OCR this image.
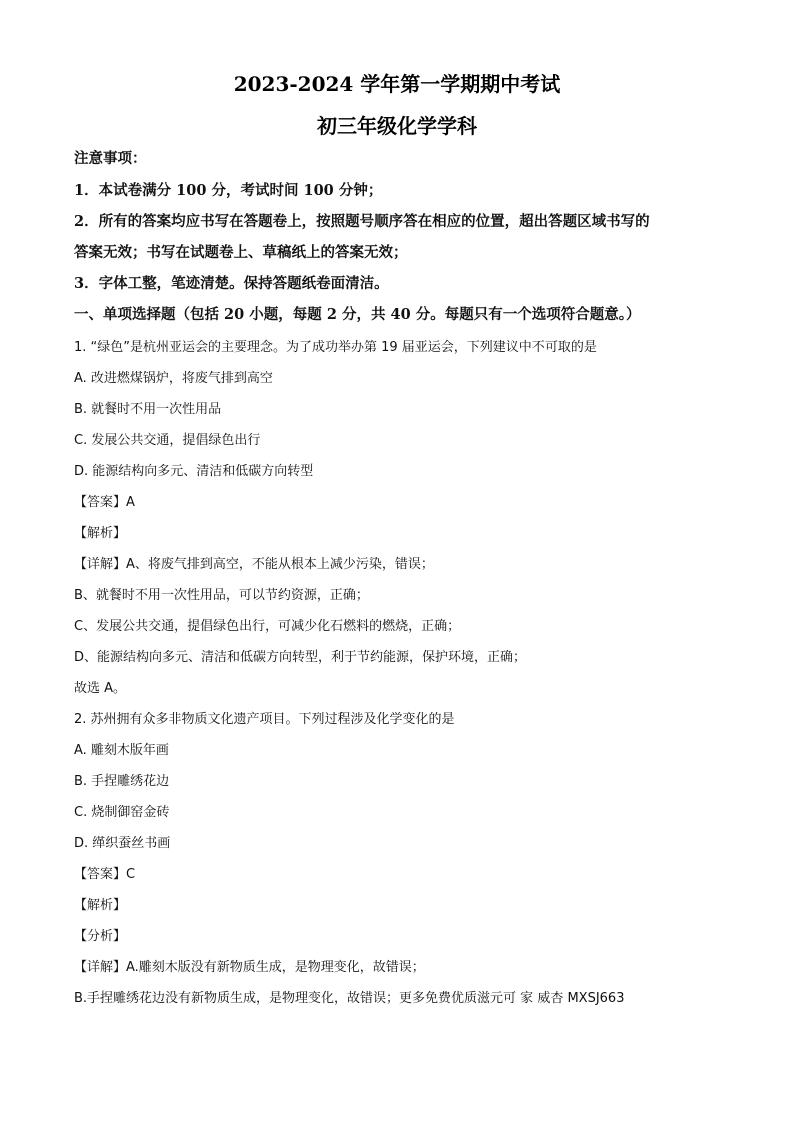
2023-2024 学年第一学期期中考试
初三年级化学学科
注意事项：
1．本试卷满分 100 分，考试时间 100 分钟；
2．所有的答案均应书写在答题卷上，按照题号顺序答在相应的位置，超出答题区域书写的
答案无效；书写在试题卷上、草稿纸上的答案无效；
3．字体工整，笔迹清楚。保持答题纸卷面清洁。
一、单项选择题（包括 20 小题，每题 2 分，共 40 分。每题只有一个选项符合题意。）
1. “绿色”是杭州亚运会的主要理念。为了成功举办第 19 届亚运会，下列建议中不可取的是
A. 改进燃煤锅炉，将废气排到高空
B. 就餐时不用一次性用品
C. 发展公共交通，提倡绿色出行
D. 能源结构向多元、清洁和低碳方向转型
【答案】A
【解析】
【详解】A、将废气排到高空，不能从根本上减少污染，错误；
B、就餐时不用一次性用品，可以节约资源，正确；
C、发展公共交通，提倡绿色出行，可减少化石燃料的燃烧，正确；
D、能源结构向多元、清洁和低碳方向转型，利于节约能源，保护环境，正确；
故选 A。
2. 苏州拥有众多非物质文化遗产项目。下列过程涉及化学变化的是
A. 雕刻木版年画
B. 手捏雕绣花边
C. 烧制御窑金砖
D. 缂织蚕丝书画
【答案】C
【解析】
【分析】
【详解】A.雕刻木版没有新物质生成，是物理变化，故错误；
B.手捏雕绣花边没有新物质生成，是物理变化，故错误；更多免费优质滋元可 家 威杏 MXSJ663
